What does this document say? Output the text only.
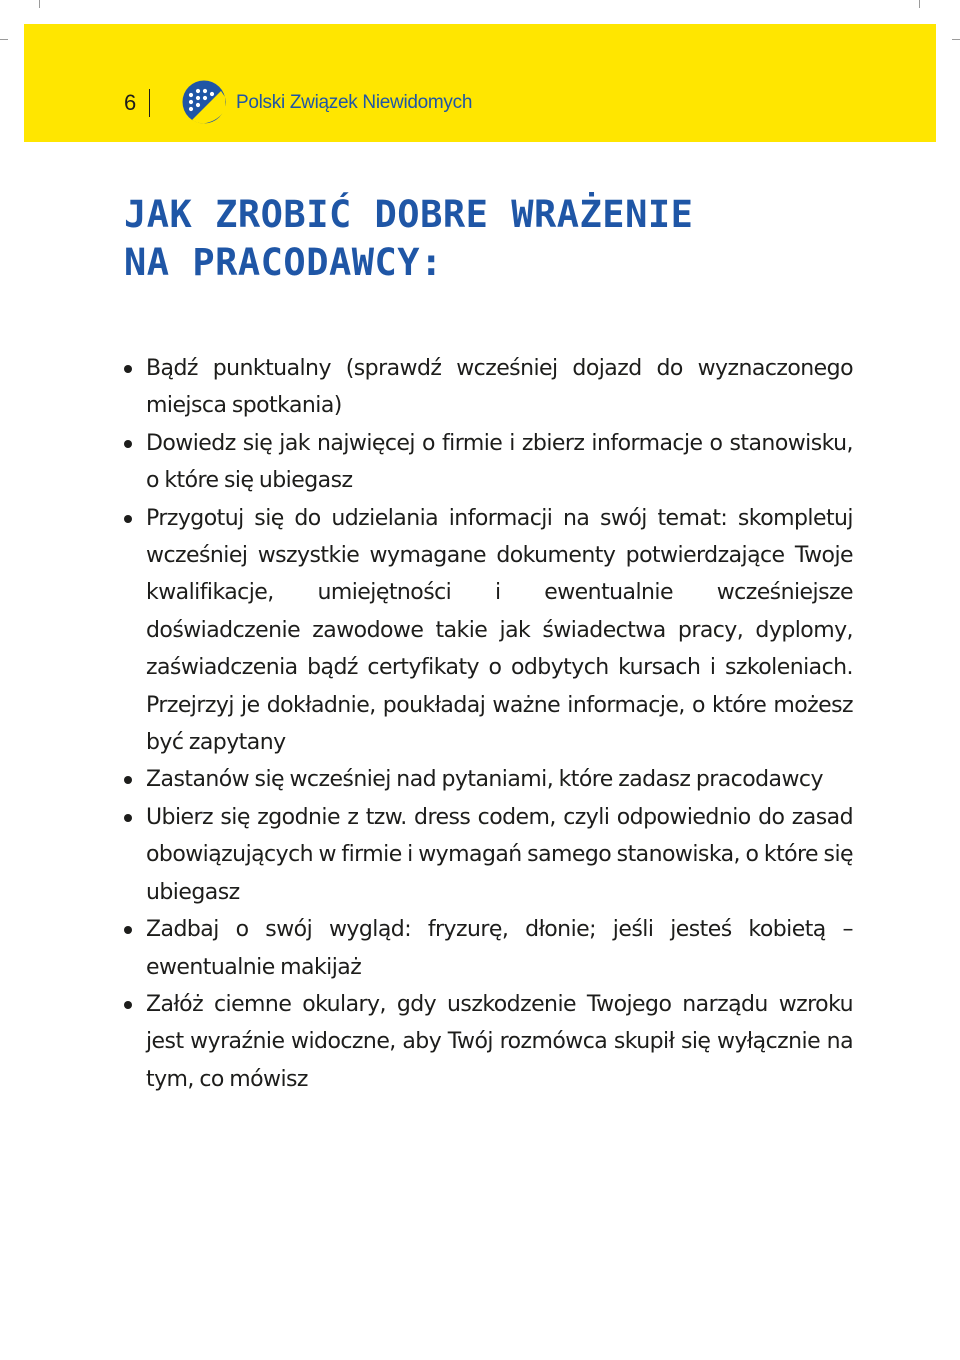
6	Polski Związek Niewidomych
JAK ZROBIĆ DOBRE WRAŻENIE
NA PRACODAWCY:
Bądź punktualny (sprawdź wcześniej dojazd do wyznaczonego miejsca spotkania)
Dowiedz się jak najwięcej o firmie i zbierz informacje o stanowisku, o które się ubiegasz
Przygotuj się do udzielania informacji na swój temat: skompletuj wcześniej wszystkie wymagane dokumenty potwierdzające Twoje kwalifikacje, umiejętności i ewentualnie wcześniejsze doświadczenie zawodowe takie jak świadectwa pracy, dyplomy, zaświadczenia bądź certyfikaty o odbytych kursach i szkoleniach. Przejrzyj je dokładnie, poukładaj ważne informacje, o które możesz być zapytany
Zastanów się wcześniej nad pytaniami, które zadasz pracodawcy
Ubierz się zgodnie z tzw. dress codem, czyli odpowiednio do zasad obowiązujących w firmie i wymagań samego stanowiska, o które się ubiegasz
Zadbaj o swój wygląd: fryzurę, dłonie; jeśli jesteś kobietą – ewentualnie makijaż
Załóż ciemne okulary, gdy uszkodzenie Twojego narządu wzroku jest wyraźnie widoczne, aby Twój rozmówca skupił się wyłącznie na tym, co mówisz
